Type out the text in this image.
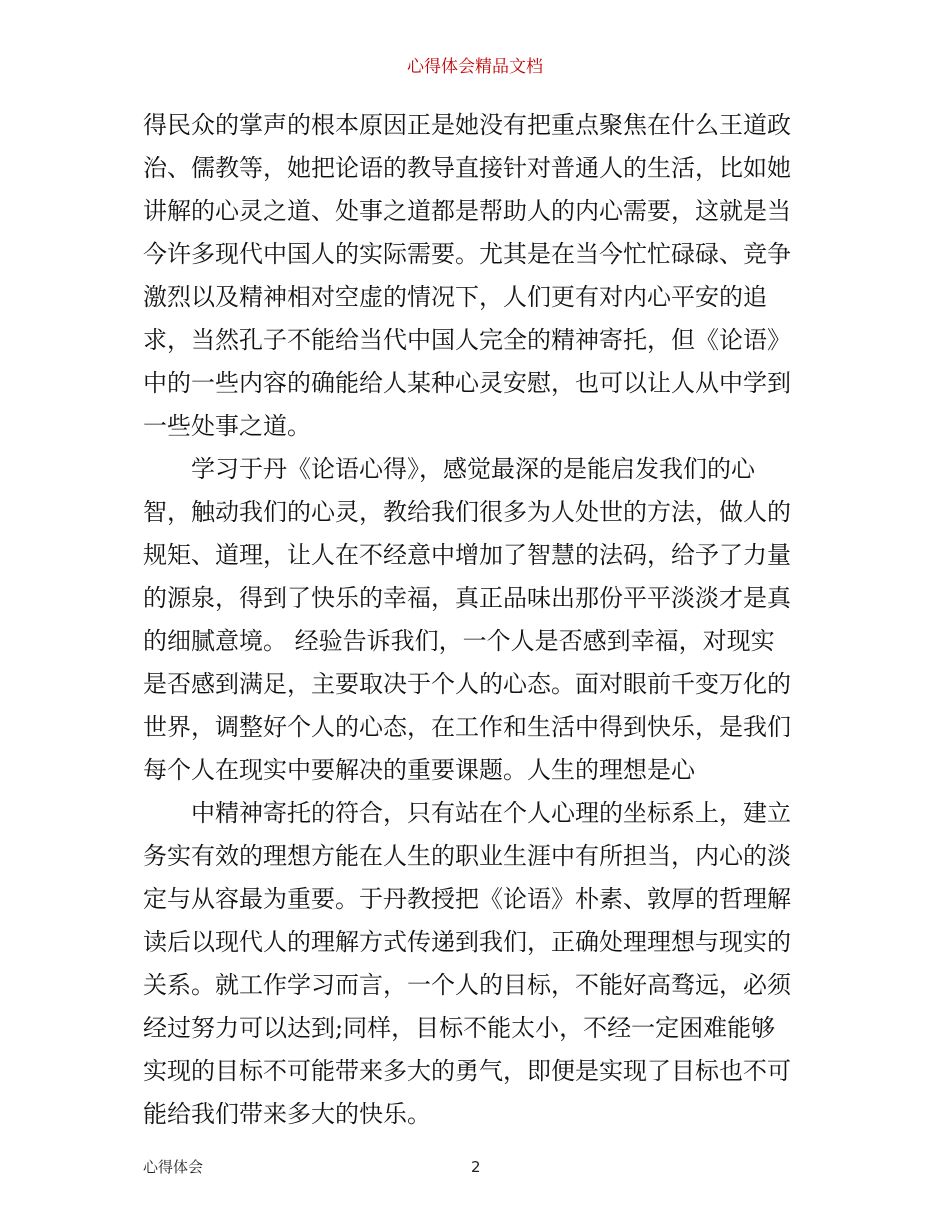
心得体会精品文档
得民众的掌声的根本原因正是她没有把重点聚焦在什么王道政
治、儒教等，她把论语的教导直接针对普通人的生活，比如她
讲解的心灵之道、处事之道都是帮助人的内心需要，这就是当
今许多现代中国人的实际需要。尤其是在当今忙忙碌碌、竞争
激烈以及精神相对空虚的情况下，人们更有对内心平安的追
求，当然孔子不能给当代中国人完全的精神寄托，但《论语》
中的一些内容的确能给人某种心灵安慰，也可以让人从中学到
一些处事之道。
学习于丹《论语心得》，感觉最深的是能启发我们的心
智，触动我们的心灵，教给我们很多为人处世的方法，做人的
规矩、道理，让人在不经意中增加了智慧的法码，给予了力量
的源泉，得到了快乐的幸福，真正品味出那份平平淡淡才是真
的细腻意境。 经验告诉我们，一个人是否感到幸福，对现实
是否感到满足，主要取决于个人的心态。面对眼前千变万化的
世界，调整好个人的心态，在工作和生活中得到快乐，是我们
每个人在现实中要解决的重要课题。人生的理想是心
中精神寄托的符合，只有站在个人心理的坐标系上，建立
务实有效的理想方能在人生的职业生涯中有所担当，内心的淡
定与从容最为重要。于丹教授把《论语》朴素、敦厚的哲理解
读后以现代人的理解方式传递到我们，正确处理理想与现实的
关系。就工作学习而言，一个人的目标，不能好高骛远，必须
经过努力可以达到;同样，目标不能太小，不经一定困难能够
实现的目标不可能带来多大的勇气，即便是实现了目标也不可
能给我们带来多大的快乐。
心得体会	2
